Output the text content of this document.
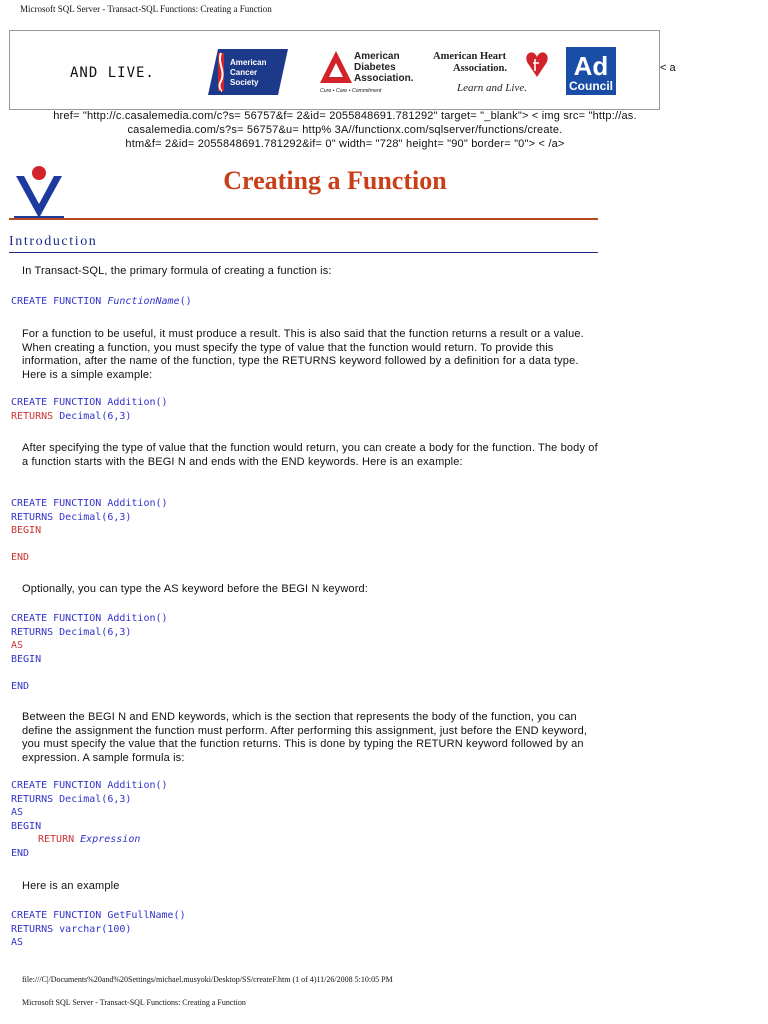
Microsoft SQL Server - Transact-SQL Functions: Creating a Function
AND LIVE.
American
Cancer
Society
American
Diabetes
Association.
Cure • Care • Commitment
American Heart
Association.
Learn and Live.
Ad
Council
< a
href= "http://c.casalemedia.com/c?s= 56757&f= 2&id= 2055848691.781292" target= "_blank"> < img src= "http://as.
casalemedia.com/s?s= 56757&u= http% 3A//functionx.com/sqlserver/functions/create.
htm&f= 2&id= 2055848691.781292&if= 0" width= "728" height= "90" border= "0"> < /a>
Creating a Function
Introduction

In Transact-SQL, the primary formula of creating a function is:

CREATE FUNCTION FunctionName()

For a function to be useful, it must produce a result. This is also said that the function returns a result or a value. When creating a function, you must specify the type of value that the function would return. To provide this information, after the name of the function, type the RETURNS keyword followed by a definition for a data type. Here is a simple example:

CREATE FUNCTION Addition()
RETURNS Decimal(6,3)

After specifying the type of value that the function would return, you can create a body for the function. The body of a function starts with the BEGI N and ends with the END keywords. Here is an example:

CREATE FUNCTION Addition()
RETURNS Decimal(6,3)
BEGIN

END

Optionally, you can type the AS keyword before the BEGI N keyword:

CREATE FUNCTION Addition()
RETURNS Decimal(6,3)
AS
BEGIN

END

Between the BEGI N and END keywords, which is the section that represents the body of the function, you can define the assignment the function must perform. After performing this assignment, just before the END keyword, you must specify the value that the function returns. This is done by typing the RETURN keyword followed by an expression. A sample formula is:

CREATE FUNCTION Addition()
RETURNS Decimal(6,3)
AS
BEGIN
RETURN Expression
END

Here is an example

CREATE FUNCTION GetFullName()
RETURNS varchar(100)
AS
file:///C|/Documents%20and%20Settings/michael.musyoki/Desktop/SS/createF.htm (1 of 4)11/26/2008 5:10:05 PM
Microsoft SQL Server - Transact-SQL Functions: Creating a Function
